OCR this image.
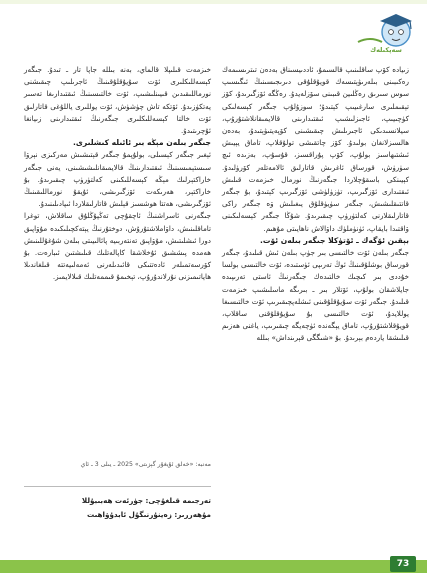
سەپكىلەك

زىيادە كۆپ ساقلىنىپ قالسىمۇ، ئاددىيسىناق بەدەن تىترىسىمەك رەكىبىنى بىلەرىۋېتىسەك قويۇقلۇقى دىرىجىسىنىڭ ئىگىسىپ سوس سىرىق رەڭلىين قىبىنى سۆزلەيدۇ. رەڭگە ئۆزگىرىدۇ، كۆز تېقىملىرى سارغىيىپ كېتىدۇ؛ سوزۇلۇپ جىگەر كېسەلىكى كۈچىيىپ، ئاجىزلىشىپ ئىقتىدارىنى قالايمىقانلاشتۇرۇپ، سيلانسىدىكى ئاجىرىلىش چىقىشىنى كۆپەيتىۋېتىدۇ، بەدەن ھالسىزلانغان بولىدۇ. كۆز چاتقىشى تولۇقلاپ، تاماق يېيىش ئىشتىھاسىز بولۇپ، كۆپ پۇراقسىز، قۇسۇپ، بەزىدە ئىچ سۈرۈش، قورساق ئاغرىش قاتارلىق ئالامەتلەر كۆرۈلىدۇ. كېيىنكى باسقۇچلاردا جىگەرنىڭ نورمال خىزمەت قىلىش ئىقتىدارى ئۆزگىرىپ، تۈزۈلۈشى ئۆزگىرىپ كېتىدۇ، بۇ جىگەر قاتتىقلىشىش، جىگەر سۈيۈقلۇق يىغىلىش ۋە جىگەر راكى قاتارلىقلارنى كەلتۈرۈپ چىقىرىدۇ. شۇڭا جىگەر كېسەلىكىنى ۋاقتىدا بايقاپ، ئۈنۈملۈك داۋالاش ناھايىتى مۇھىم.

بېقىن ئۆگەك ـ ئۆتۈكلا جىگەر بىلەن ئۆت.

جىگەر بىلەن ئۆت خالتىسى بىر جۈپ بىلەن ئىش قىلىدۇ، جىگەر قورساق بوشلۇقىنىڭ ئوڭ تەرىپى ئۈستىدە، ئۆت خالتىسى بولسا خۇددى بىر كىچىك خالتىدەك جىگەرنىڭ ئاستى تەرىپىدە جايلاشقان بولۇپ، ئۆتلار بىر ـ بىرىگە ماسلىشىپ خىزمەت قىلىدۇ. جىگەر ئۆت سۇيۇقلۇقىنى ئىشلەپچىقىرىپ ئۆت خالتىسىغا يوللايدۇ، ئۆت خالتىسى بۇ سۇيۇقلۇقنى ساقلاپ، قويۇقلاشتۇرۇپ، تاماق يېگەندە ئۈچەيگە چىقىرىپ، ياغنى ھەزىم قىلىشقا ياردەم بېرىدۇ. بۇ «شىگگى قېرىنداش» بىللە

خىزمەت قىلىپلا قالماي، بەنە بىللە جاپا تار ـ تىدۇ. جىگەر كېسەللىكلىرى ئۆت سۇيۇقلۇقىنىڭ ئاجرىلىپ چىقىشنى نورماللىقىدىن قىيىنلىشىپ، ئۆت خالتىسىنىڭ ئىقتىدارىغا تەسىر يەتكۈزىدۇ. ئۆتكە تاش چۈشۈش، ئۆت يوللىرى ياللۇغى قاتارلىق ئۆت خالتا كېسەللىكلىرى جىگەرنىڭ ئىقتىدارىنى زىيانغا ئۇچرىتىدۇ.

جىگەر بىلەن مېڭە بىر ئائىلە كىشلىرى.

ئېغىر جىگەر كېسىلى، بولۇپمۇ جىگەر قېتىشىش مەركىزى نېرۋا سىستېمىسىنىڭ ئىقتىدارىنىڭ قالايمىقانلىشىشىنى، يەنى جىگەر خاراكتېرلىك مېڭە كېسەللىكىنى كەلتۈرۈپ چىقىرىدۇ. بۇ خاراكتېر، ھەرىكەت ئۆزگىرىشى، ئۇيقۇ نورماللىقىنىڭ ئۆزگىرىشى، ھەتتا ھوشسىز قېلىش قاتارلىقلاردا ئىپادىلىنىدۇ.

جىگەرنى ئاسراشنىڭ ئاچقۇچى تەڭپۇڭلۇق ساقلاش، توغرا تاماقلىنىش، داۋاملاشتۇرۇش، دوختۇرنىڭ يېتەكچىلىكىدە مۇۋاپىق دورا ئىشلىتىش، مۇۋاپىق تەنتەربىيە پائالىيىتى بىلەن شۇغۇللىنىش ھەمدە پىششىق ئۇخلاشقا كاپالەتلىك قىلىشتىن ئىبارەت. بۇ كۆرسەتمىلەر ئادەتتىكى قائىدىلەرنى ئەمەلىيەتتە قىلغاندىلا ھاياتىمىزنى نۇرلاندۇرۇپ، تېخىمۇ قىممەتلىك قىلالايمىز.

مەنبە: «خەلق ئۇيغۇر گېزىتى» 2025 ـ يىلى 3 ـ ئاي
تەرجىمە قىلغۇچى: جۈرئەت ھەبىبۇللا
مۇھەررىر: زەينۇرنىگۇل ئابدۇۋاھىت
73
